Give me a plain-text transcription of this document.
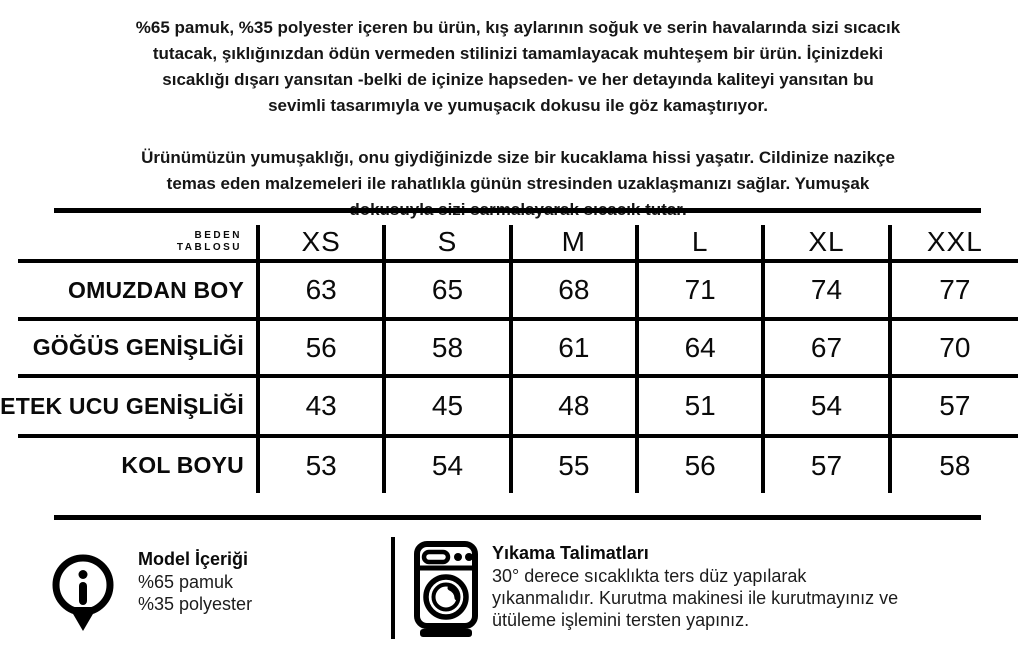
%65 pamuk, %35 polyester içeren bu ürün, kış aylarının soğuk ve serin havalarında sizi sıcacık
tutacak, şıklığınızdan ödün vermeden stilinizi tamamlayacak muhteşem bir ürün. İçinizdeki
sıcaklığı dışarı yansıtan -belki de içinize hapseden- ve her detayında kaliteyi yansıtan bu
sevimli tasarımıyla ve yumuşacık dokusu ile göz kamaştırıyor.

Ürünümüzün yumuşaklığı, onu giydiğinizde size bir kucaklama hissi yaşatır. Cildinize nazikçe
temas eden malzemeleri ile rahatlıkla günün stresinden uzaklaşmanızı sağlar. Yumuşak

BEDEN TABLOSU	XS	S	M	L	XL	XXL
OMUZDAN BOY	63	65	68	71	74	77
GÖĞÜS GENİŞLİĞİ	56	58	61	64	67	70
ETEK UCU GENİŞLİĞİ	43	45	48	51	54	57
KOL BOYU	53	54	55	56	57	58

Model İçeriği

%65 pamuk
%35 polyester

Yıkama Talimatları

30° derece sıcaklıkta ters düz yapılarak
yıkanmalıdır. Kurutma makinesi ile kurutmayınız ve
ütüleme işlemini tersten yapınız.
